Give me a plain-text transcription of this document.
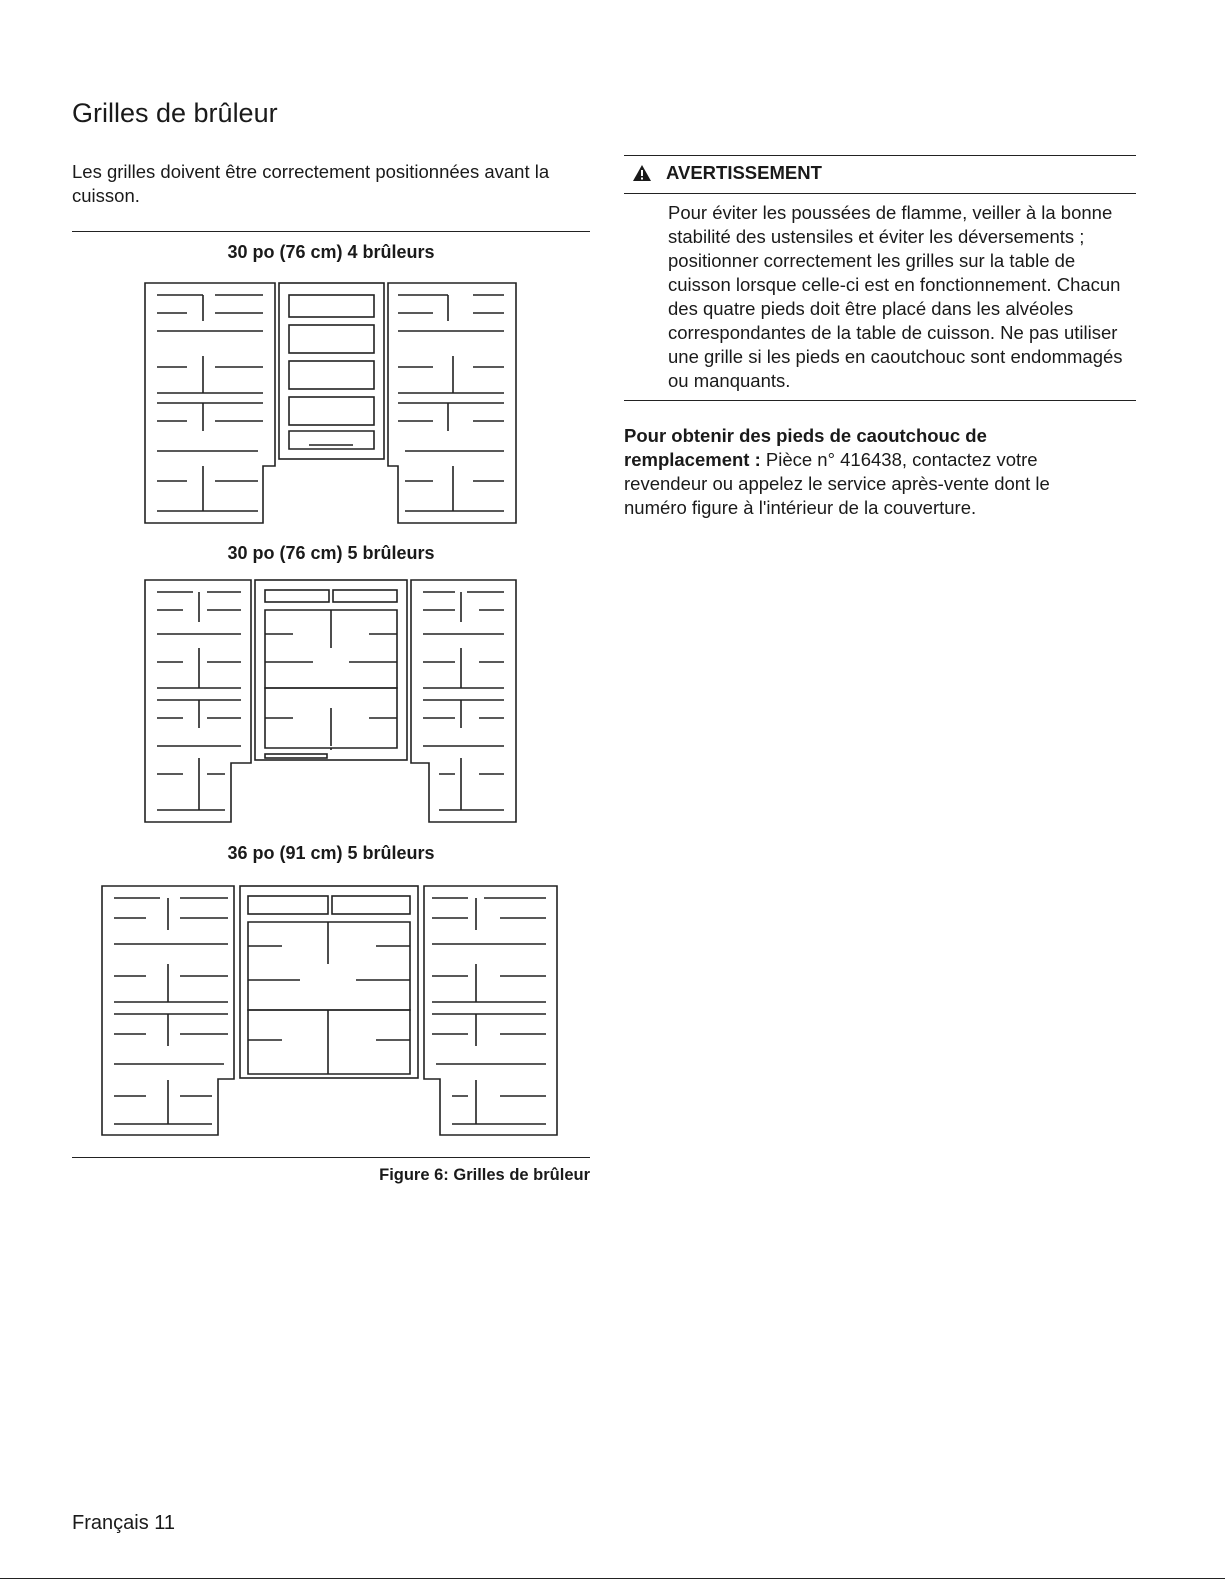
Grilles de brûleur

Les grilles doivent être correctement positionnées avant la cuisson.

30 po (76 cm) 4 brûleurs
30 po (76 cm) 5 brûleurs
36 po (91 cm) 5 brûleurs
Figure 6: Grilles de brûleur
AVERTISSEMENT

Pour éviter les poussées de flamme, veiller à la bonne stabilité des ustensiles et éviter les déversements ; positionner correctement les grilles sur la table de cuisson lorsque celle-ci est en fonctionnement. Chacun des quatre pieds doit être placé dans les alvéoles correspondantes de la table de cuisson. Ne pas utiliser une grille si les pieds en caoutchouc sont endommagés ou manquants.

Pour obtenir des pieds de caoutchouc de remplacement : Pièce n° 416438, contactez votre revendeur ou appelez le service après-vente dont le numéro figure à l'intérieur de la couverture.

Français 11
